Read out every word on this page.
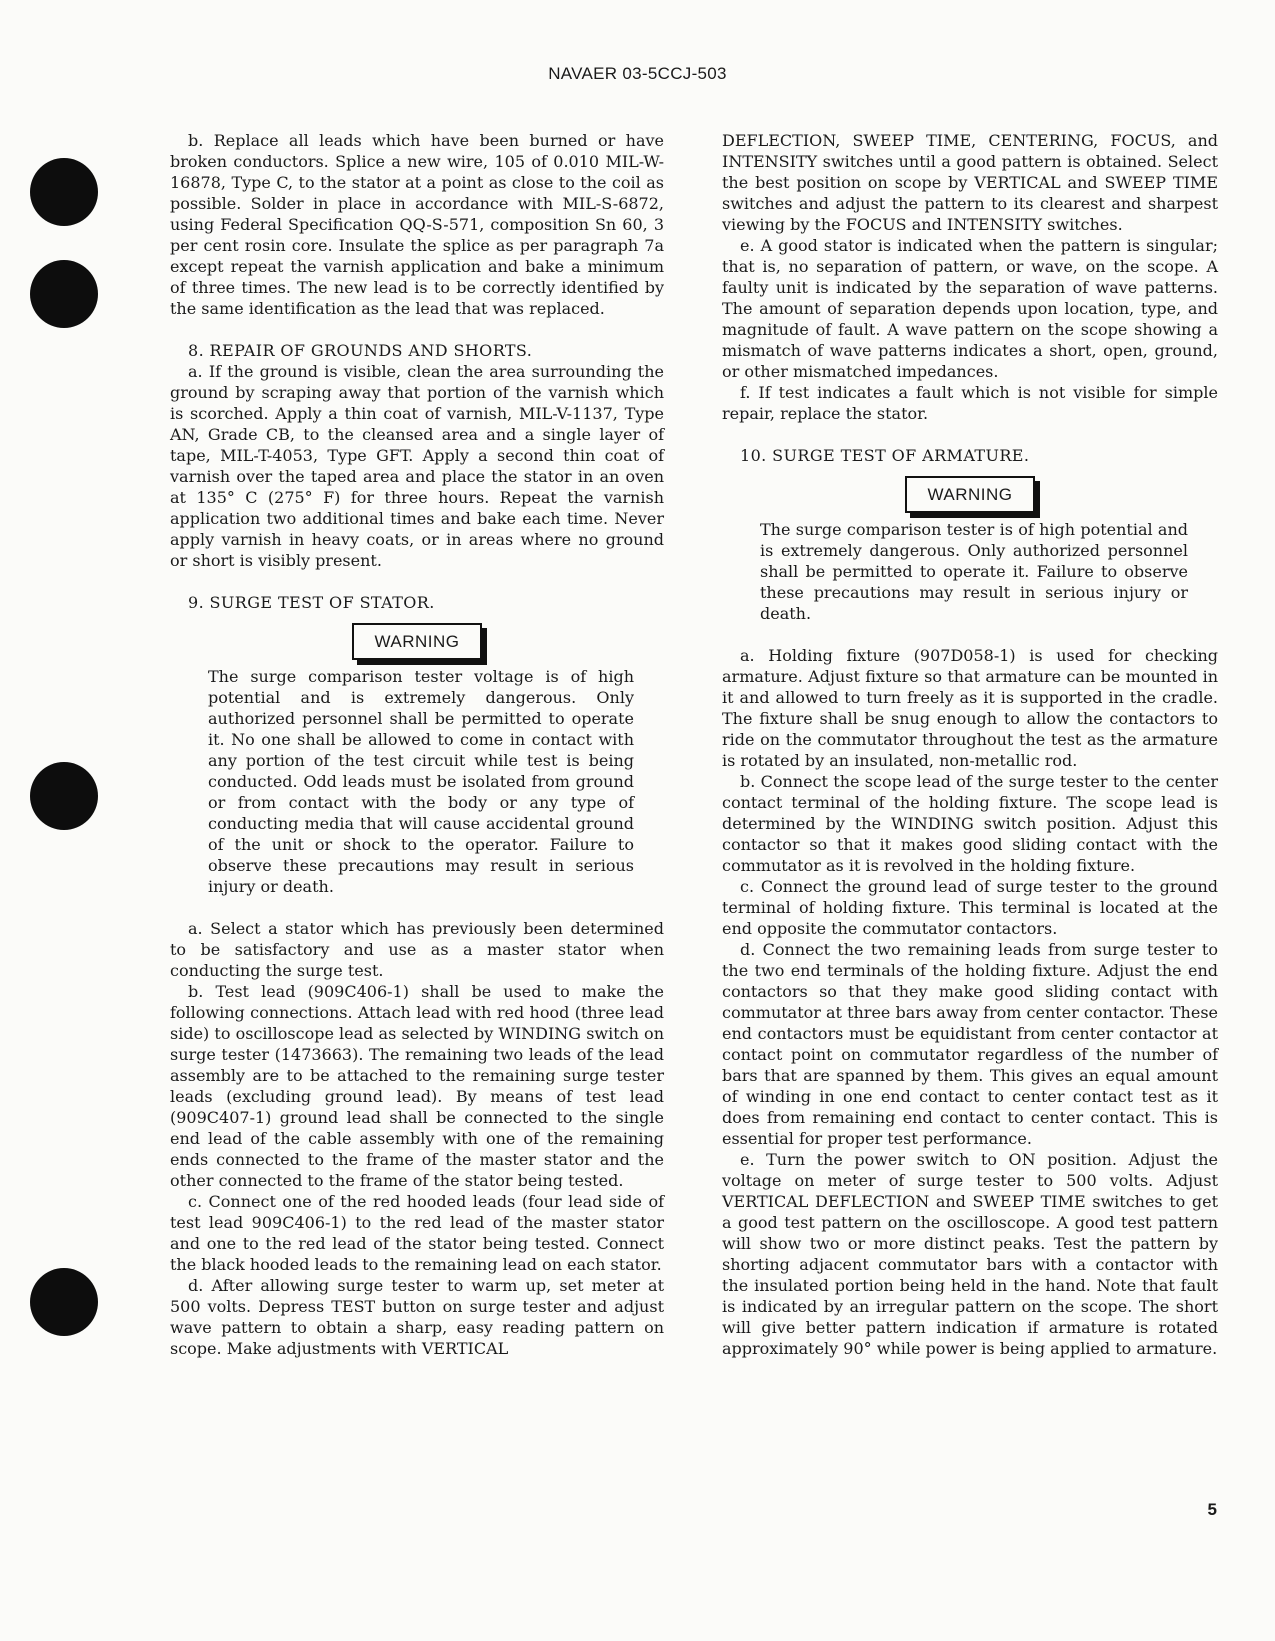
NAVAER 03-5CCJ-503

b. Replace all leads which have been burned or have broken conductors. Splice a new wire, 105 of 0.010 MIL-W-16878, Type C, to the stator at a point as close to the coil as possible. Solder in place in accordance with MIL-S-6872, using Federal Specification QQ-S-571, composition Sn 60, 3 per cent rosin core. Insulate the splice as per paragraph 7a except repeat the varnish application and bake a minimum of three times. The new lead is to be correctly identified by the same identification as the lead that was replaced.

8. REPAIR OF GROUNDS AND SHORTS.

a. If the ground is visible, clean the area surrounding the ground by scraping away that portion of the varnish which is scorched. Apply a thin coat of varnish, MIL-V-1137, Type AN, Grade CB, to the cleansed area and a single layer of tape, MIL-T-4053, Type GFT. Apply a second thin coat of varnish over the taped area and place the stator in an oven at 135° C (275° F) for three hours. Repeat the varnish application two additional times and bake each time. Never apply varnish in heavy coats, or in areas where no ground or short is visibly present.

9. SURGE TEST OF STATOR.
WARNING

The surge comparison tester voltage is of high potential and is extremely dangerous. Only authorized personnel shall be permitted to operate it. No one shall be allowed to come in contact with any portion of the test circuit while test is being conducted. Odd leads must be isolated from ground or from contact with the body or any type of conducting media that will cause accidental ground of the unit or shock to the operator. Failure to observe these precautions may result in serious injury or death.

a. Select a stator which has previously been determined to be satisfactory and use as a master stator when conducting the surge test.

b. Test lead (909C406-1) shall be used to make the following connections. Attach lead with red hood (three lead side) to oscilloscope lead as selected by WINDING switch on surge tester (1473663). The remaining two leads of the lead assembly are to be attached to the remaining surge tester leads (excluding ground lead). By means of test lead (909C407-1) ground lead shall be connected to the single end lead of the cable assembly with one of the remaining ends connected to the frame of the master stator and the other connected to the frame of the stator being tested.

c. Connect one of the red hooded leads (four lead side of test lead 909C406-1) to the red lead of the master stator and one to the red lead of the stator being tested. Connect the black hooded leads to the remaining lead on each stator.

d. After allowing surge tester to warm up, set meter at 500 volts. Depress TEST button on surge tester and adjust wave pattern to obtain a sharp, easy reading pattern on scope. Make adjustments with VERTICAL

DEFLECTION, SWEEP TIME, CENTERING, FOCUS, and INTENSITY switches until a good pattern is obtained. Select the best position on scope by VERTICAL and SWEEP TIME switches and adjust the pattern to its clearest and sharpest viewing by the FOCUS and INTENSITY switches.

e. A good stator is indicated when the pattern is singular; that is, no separation of pattern, or wave, on the scope. A faulty unit is indicated by the separation of wave patterns. The amount of separation depends upon location, type, and magnitude of fault. A wave pattern on the scope showing a mismatch of wave patterns indicates a short, open, ground, or other mismatched impedances.

f. If test indicates a fault which is not visible for simple repair, replace the stator.

10. SURGE TEST OF ARMATURE.
WARNING

The surge comparison tester is of high potential and is extremely dangerous. Only authorized personnel shall be permitted to operate it. Failure to observe these precautions may result in serious injury or death.

a. Holding fixture (907D058-1) is used for checking armature. Adjust fixture so that armature can be mounted in it and allowed to turn freely as it is supported in the cradle. The fixture shall be snug enough to allow the contactors to ride on the commutator throughout the test as the armature is rotated by an insulated, non-metallic rod.

b. Connect the scope lead of the surge tester to the center contact terminal of the holding fixture. The scope lead is determined by the WINDING switch position. Adjust this contactor so that it makes good sliding contact with the commutator as it is revolved in the holding fixture.

c. Connect the ground lead of surge tester to the ground terminal of holding fixture. This terminal is located at the end opposite the commutator contactors.

d. Connect the two remaining leads from surge tester to the two end terminals of the holding fixture. Adjust the end contactors so that they make good sliding contact with commutator at three bars away from center contactor. These end contactors must be equidistant from center contactor at contact point on commutator regardless of the number of bars that are spanned by them. This gives an equal amount of winding in one end contact to center contact test as it does from remaining end contact to center contact. This is essential for proper test performance.

e. Turn the power switch to ON position. Adjust the voltage on meter of surge tester to 500 volts. Adjust VERTICAL DEFLECTION and SWEEP TIME switches to get a good test pattern on the oscilloscope. A good test pattern will show two or more distinct peaks. Test the pattern by shorting adjacent commutator bars with a contactor with the insulated portion being held in the hand. Note that fault is indicated by an irregular pattern on the scope. The short will give better pattern indication if armature is rotated approximately 90° while power is being applied to armature.

5
